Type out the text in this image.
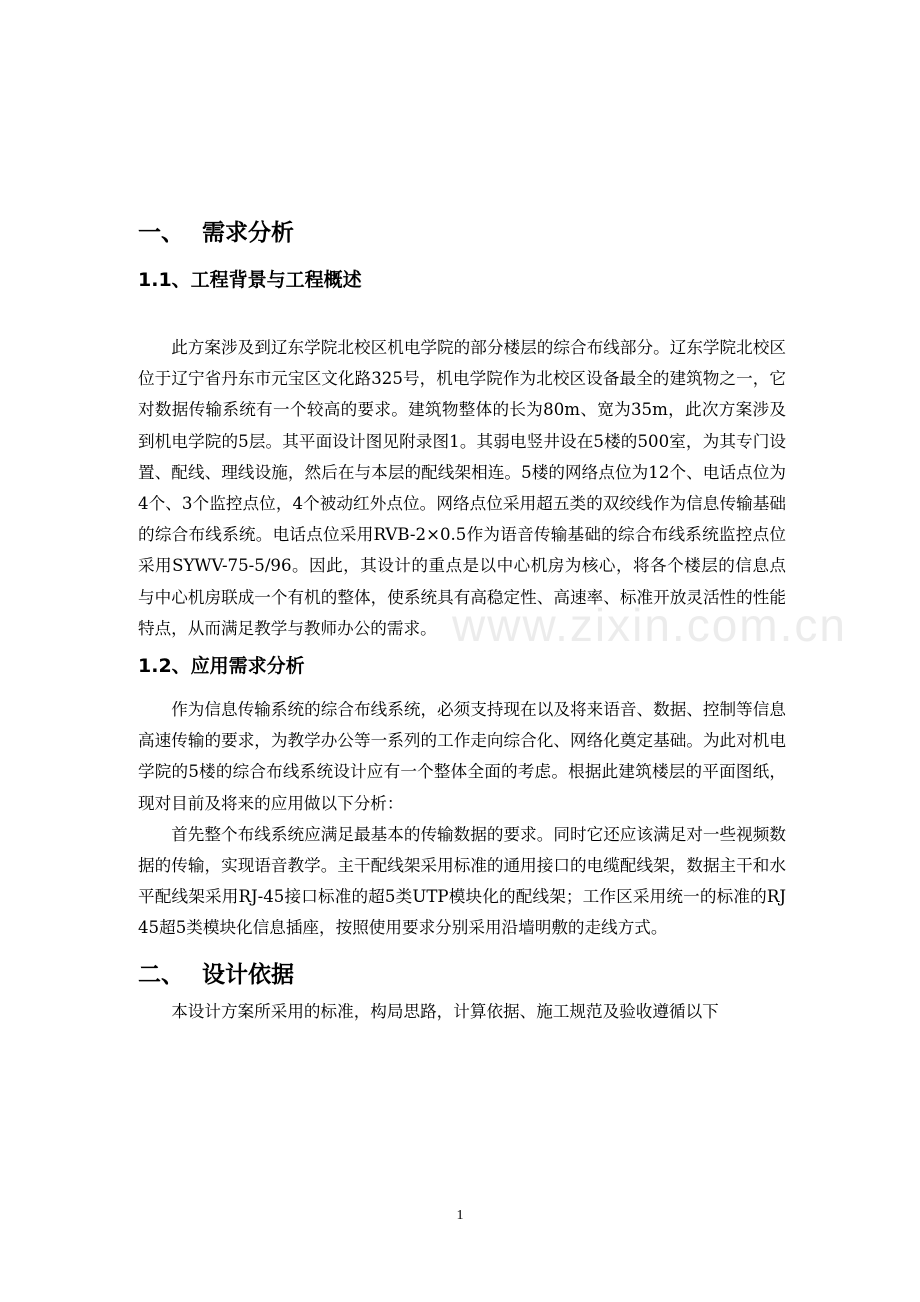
www.zixin.com.cn
一、 需求分析
1.1、工程背景与工程概述

此方案涉及到辽东学院北校区机电学院的部分楼层的综合布线部分。辽东学院北校区位于辽宁省丹东市元宝区文化路325号，机电学院作为北校区设备最全的建筑物之一，它对数据传输系统有一个较高的要求。建筑物整体的长为80m、宽为35m，此次方案涉及到机电学院的5层。其平面设计图见附录图1。其弱电竖井设在5楼的500室，为其专门设置、配线、理线设施，然后在与本层的配线架相连。5楼的网络点位为12个、电话点位为4个、3个监控点位，4个被动红外点位。网络点位采用超五类的双绞线作为信息传输基础的综合布线系统。电话点位采用RVB-2×0.5作为语音传输基础的综合布线系统监控点位采用SYWV-75-5/96。因此，其设计的重点是以中心机房为核心，将各个楼层的信息点与中心机房联成一个有机的整体，使系统具有高稳定性、高速率、标准开放灵活性的性能特点，从而满足教学与教师办公的需求。

1.2、应用需求分析

作为信息传输系统的综合布线系统，必须支持现在以及将来语音、数据、控制等信息高速传输的要求，为教学办公等一系列的工作走向综合化、网络化奠定基础。为此对机电学院的5楼的综合布线系统设计应有一个整体全面的考虑。根据此建筑楼层的平面图纸，现对目前及将来的应用做以下分析：

首先整个布线系统应满足最基本的传输数据的要求。同时它还应该满足对一些视频数据的传输，实现语音教学。主干配线架采用标准的通用接口的电缆配线架，数据主干和水平配线架采用RJ-45接口标准的超5类UTP模块化的配线架；工作区采用统一的标准的RJ45超5类模块化信息插座，按照使用要求分别采用沿墙明敷的走线方式。

二、 设计依据

本设计方案所采用的标准，构局思路，计算依据、施工规范及验收遵循以下

1
